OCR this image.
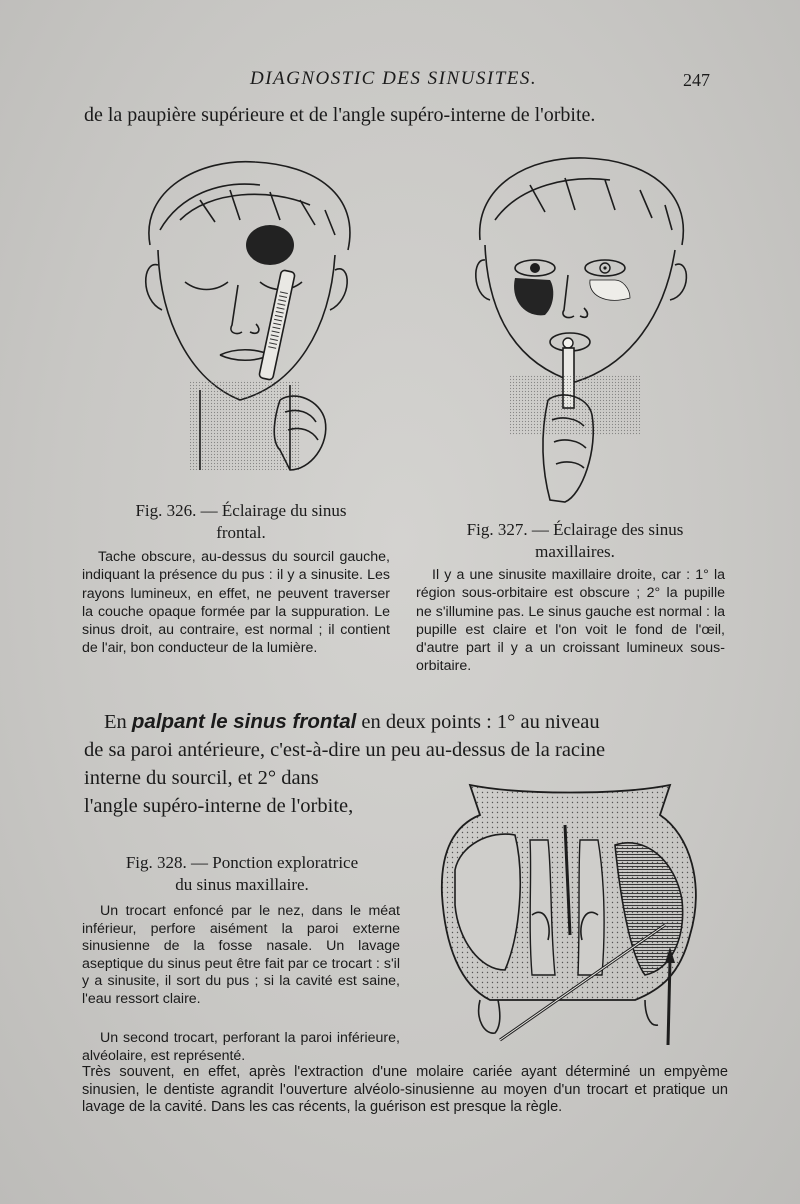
DIAGNOSTIC DES SINUSITES.	247
de la paupière supérieure et de l'angle supéro-interne de l'orbite.
Fig. 326. — Éclairage du sinus
frontal.
Tache obscure, au-dessus du sourcil gauche, indiquant la présence du pus : il y a sinusite. Les rayons lumineux, en effet, ne peuvent traverser la couche opaque formée par la suppuration. Le sinus droit, au contraire, est normal ; il contient de l'air, bon conducteur de la lumière.
Fig. 327. — Éclairage des sinus
maxillaires.
Il y a une sinusite maxillaire droite, car : 1° la région sous-orbitaire est obscure ; 2° la pupille ne s'illumine pas. Le sinus gauche est normal : la pupille est claire et l'on voit le fond de l'œil, d'autre part il y a un croissant lumineux sous-orbitaire.
En palpant le sinus frontal en deux points : 1° au niveau
de sa paroi antérieure, c'est-à-dire un peu au-dessus de la racine
interne du sourcil, et 2° dans
l'angle supéro-interne de l'orbite,
Fig. 328. — Ponction exploratrice
du sinus maxillaire.
Un trocart enfoncé par le nez, dans le méat inférieur, perfore aisément la paroi externe sinusienne de la fosse nasale. Un lavage aseptique du sinus peut être fait par ce trocart : s'il y a sinusite, il sort du pus ; si la cavité est saine, l'eau ressort claire.
Un second trocart, perforant la paroi inférieure, alvéolaire, est représenté.
Très souvent, en effet, après l'extraction d'une molaire cariée ayant déterminé un empyème sinusien, le dentiste agrandit l'ouverture alvéolo-sinusienne au moyen d'un trocart et pratique un lavage de la cavité. Dans les cas récents, la guérison est presque la règle.
